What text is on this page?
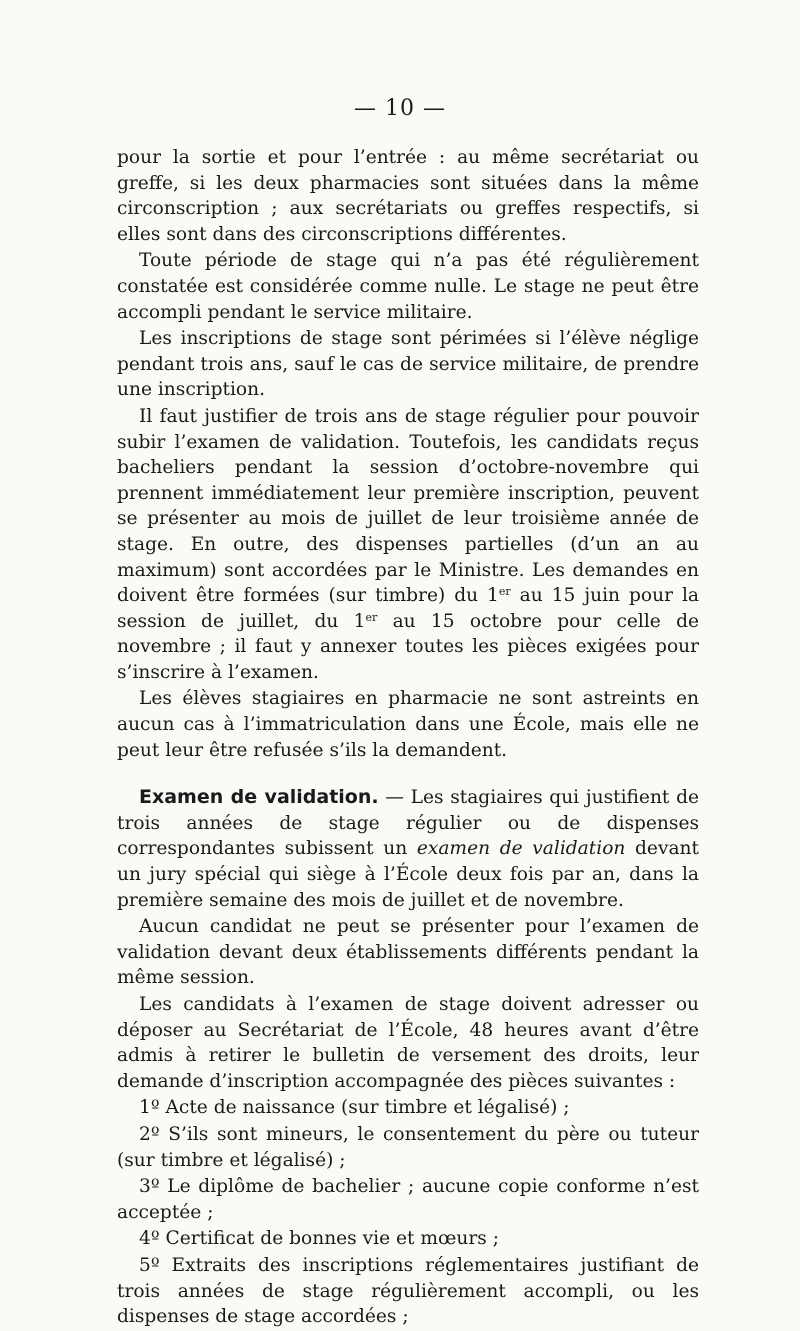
— 10 —

pour la sortie et pour l’entrée : au même secrétariat ou greffe, si les deux pharmacies sont situées dans la même circonscription ; aux secrétariats ou greffes respectifs, si elles sont dans des circonscriptions différentes.

Toute période de stage qui n’a pas été régulièrement constatée est considérée comme nulle. Le stage ne peut être accompli pendant le service militaire.

Les inscriptions de stage sont périmées si l’élève néglige pendant trois ans, sauf le cas de service militaire, de prendre une inscription.

Il faut justifier de trois ans de stage régulier pour pouvoir subir l’examen de validation. Toutefois, les candidats reçus bacheliers pendant la session d’octobre-novembre qui prennent immédiatement leur première inscription, peuvent se présenter au mois de juillet de leur troisième année de stage. En outre, des dispenses partielles (d’un an au maximum) sont accordées par le Ministre. Les demandes en doivent être formées (sur timbre) du 1er au 15 juin pour la session de juillet, du 1er au 15 octobre pour celle de novembre ; il faut y annexer toutes les pièces exigées pour s’inscrire à l’examen.

Les élèves stagiaires en pharmacie ne sont astreints en aucun cas à l’immatriculation dans une École, mais elle ne peut leur être refusée s’ils la demandent.

Examen de validation. — Les stagiaires qui justifient de trois années de stage régulier ou de dispenses correspondantes subissent un examen de validation devant un jury spécial qui siège à l’École deux fois par an, dans la première semaine des mois de juillet et de novembre.

Aucun candidat ne peut se présenter pour l’examen de validation devant deux établissements différents pendant la même session.

Les candidats à l’examen de stage doivent adresser ou déposer au Secrétariat de l’École, 48 heures avant d’être admis à retirer le bulletin de versement des droits, leur demande d’inscription accompagnée des pièces suivantes :

1º Acte de naissance (sur timbre et légalisé) ;

2º S’ils sont mineurs, le consentement du père ou tuteur (sur timbre et légalisé) ;

3º Le diplôme de bachelier ; aucune copie conforme n’est acceptée ;

4º Certificat de bonnes vie et mœurs ;

5º Extraits des inscriptions réglementaires justifiant de trois années de stage régulièrement accompli, ou les dispenses de stage accordées ;
